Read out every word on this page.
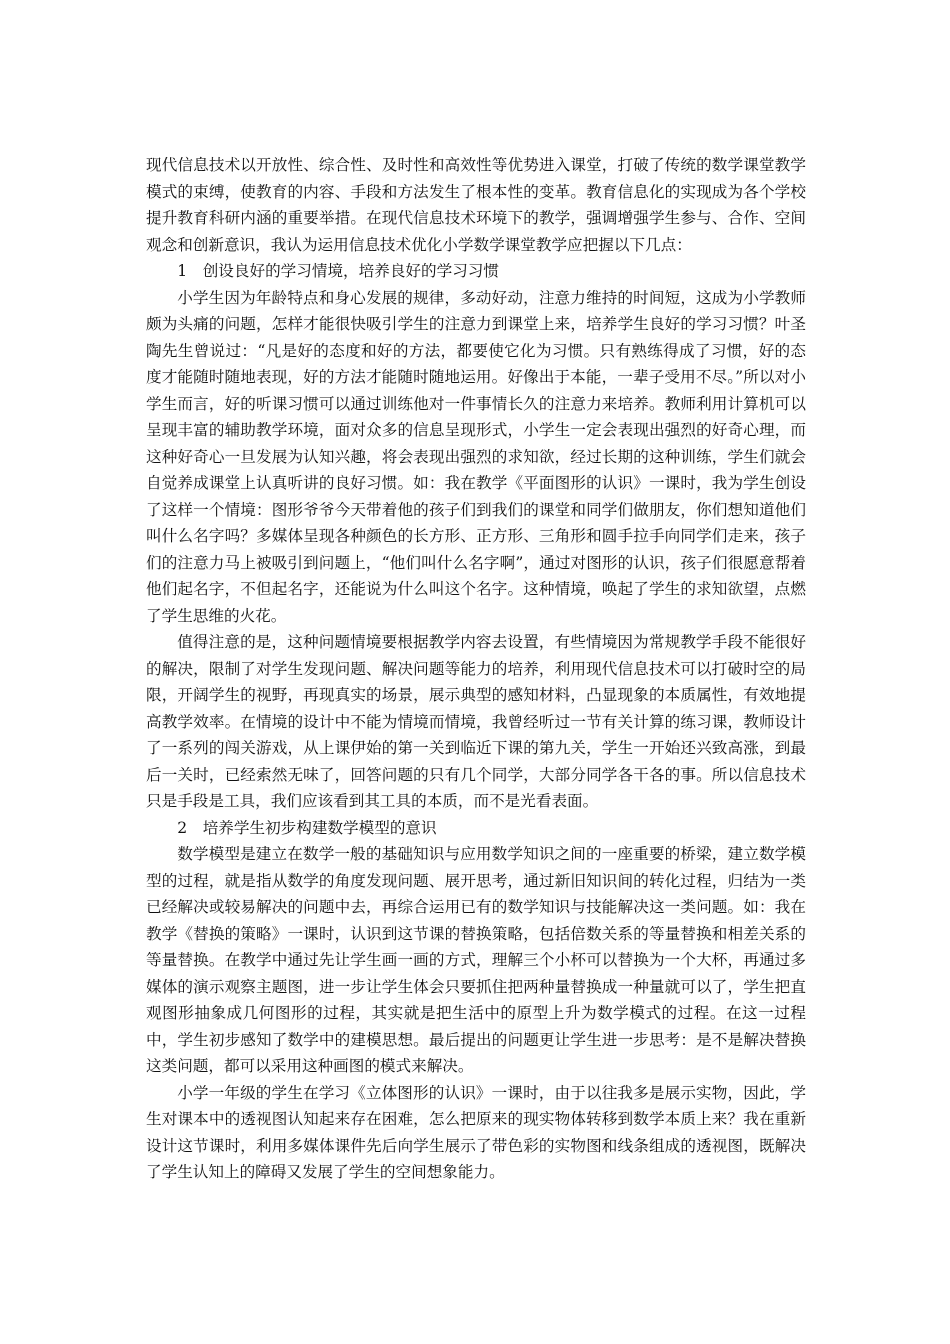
现代信息技术以开放性、综合性、及时性和高效性等优势进入课堂，打破了传统的数学课堂教学模式的束缚，使教育的内容、手段和方法发生了根本性的变革。教育信息化的实现成为各个学校提升教育科研内涵的重要举措。在现代信息技术环境下的教学，强调增强学生参与、合作、空间观念和创新意识，我认为运用信息技术优化小学数学课堂教学应把握以下几点：

1　创设良好的学习情境，培养良好的学习习惯

小学生因为年龄特点和身心发展的规律，多动好动，注意力维持的时间短，这成为小学教师颇为头痛的问题，怎样才能很快吸引学生的注意力到课堂上来，培养学生良好的学习习惯？叶圣陶先生曾说过：“凡是好的态度和好的方法，都要使它化为习惯。只有熟练得成了习惯，好的态度才能随时随地表现，好的方法才能随时随地运用。好像出于本能，一辈子受用不尽。”所以对小学生而言，好的听课习惯可以通过训练他对一件事情长久的注意力来培养。教师利用计算机可以呈现丰富的辅助教学环境，面对众多的信息呈现形式，小学生一定会表现出强烈的好奇心理，而这种好奇心一旦发展为认知兴趣，将会表现出强烈的求知欲，经过长期的这种训练，学生们就会自觉养成课堂上认真听讲的良好习惯。如：我在教学《平面图形的认识》一课时，我为学生创设了这样一个情境：图形爷爷今天带着他的孩子们到我们的课堂和同学们做朋友，你们想知道他们叫什么名字吗？多媒体呈现各种颜色的长方形、正方形、三角形和圆手拉手向同学们走来，孩子们的注意力马上被吸引到问题上，“他们叫什么名字啊”，通过对图形的认识，孩子们很愿意帮着他们起名字，不但起名字，还能说为什么叫这个名字。这种情境，唤起了学生的求知欲望，点燃了学生思维的火花。

值得注意的是，这种问题情境要根据教学内容去设置，有些情境因为常规教学手段不能很好的解决，限制了对学生发现问题、解决问题等能力的培养，利用现代信息技术可以打破时空的局限，开阔学生的视野，再现真实的场景，展示典型的感知材料，凸显现象的本质属性，有效地提高教学效率。在情境的设计中不能为情境而情境，我曾经听过一节有关计算的练习课，教师设计了一系列的闯关游戏，从上课伊始的第一关到临近下课的第九关，学生一开始还兴致高涨，到最后一关时，已经索然无味了，回答问题的只有几个同学，大部分同学各干各的事。所以信息技术只是手段是工具，我们应该看到其工具的本质，而不是光看表面。

2　培养学生初步构建数学模型的意识

数学模型是建立在数学一般的基础知识与应用数学知识之间的一座重要的桥梁，建立数学模型的过程，就是指从数学的角度发现问题、展开思考，通过新旧知识间的转化过程，归结为一类已经解决或较易解决的问题中去，再综合运用已有的数学知识与技能解决这一类问题。如：我在教学《替换的策略》一课时，认识到这节课的替换策略，包括倍数关系的等量替换和相差关系的等量替换。在教学中通过先让学生画一画的方式，理解三个小杯可以替换为一个大杯，再通过多媒体的演示观察主题图，进一步让学生体会只要抓住把两种量替换成一种量就可以了，学生把直观图形抽象成几何图形的过程，其实就是把生活中的原型上升为数学模式的过程。在这一过程中，学生初步感知了数学中的建模思想。最后提出的问题更让学生进一步思考：是不是解决替换这类问题，都可以采用这种画图的模式来解决。

小学一年级的学生在学习《立体图形的认识》一课时，由于以往我多是展示实物，因此，学生对课本中的透视图认知起来存在困难，怎么把原来的现实物体转移到数学本质上来？我在重新设计这节课时，利用多媒体课件先后向学生展示了带色彩的实物图和线条组成的透视图，既解决了学生认知上的障碍又发展了学生的空间想象能力。
